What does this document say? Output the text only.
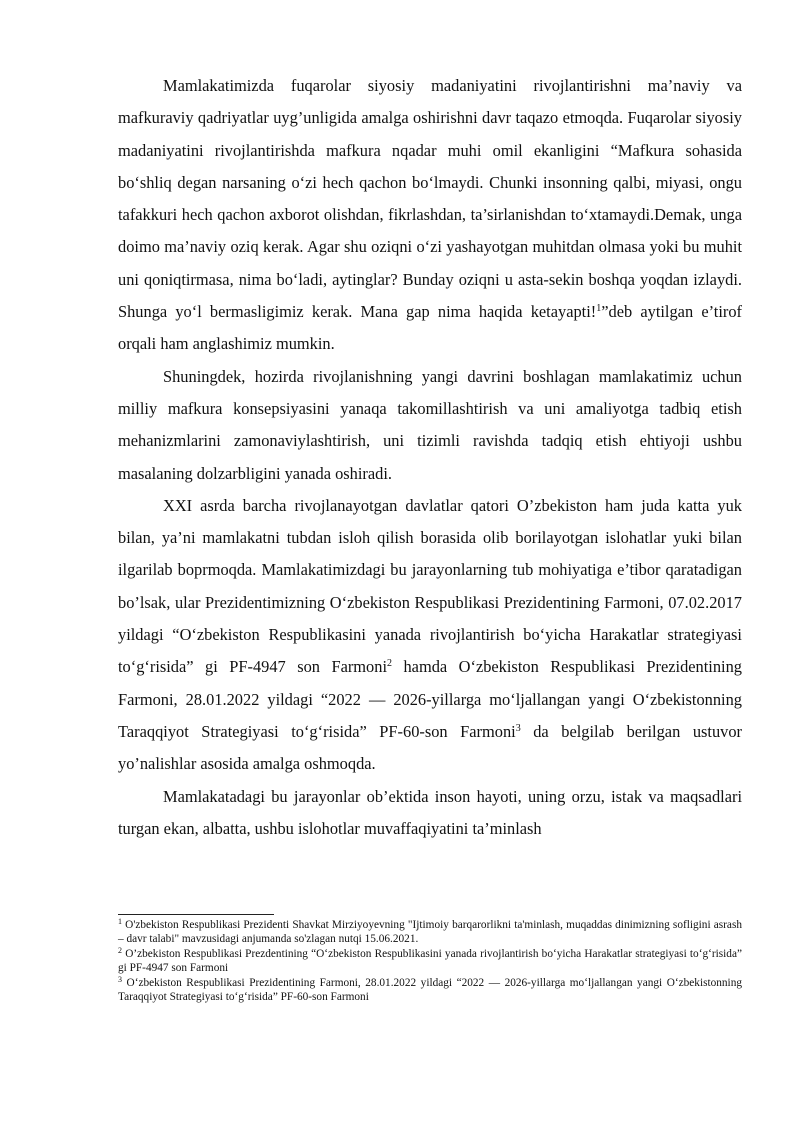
Mamlakatimizda fuqarolar siyosiy madaniyatini rivojlantirishni ma’naviy va mafkuraviy qadriyatlar uyg’unligida amalga oshirishni davr taqazo etmoqda. Fuqarolar siyosiy madaniyatini rivojlantirishda mafkura nqadar muhi omil ekanligini “Mafkura sohasida bo‘shliq degan narsaning o‘zi hech qachon bo‘lmaydi. Chunki insonning qalbi, miyasi, ongu tafakkuri hech qachon axborot olishdan, fikrlashdan, ta’sirlanishdan to‘xtamaydi.Demak, unga doimo ma’naviy oziq kerak. Agar shu oziqni o‘zi yashayotgan muhitdan olmasa yoki bu muhit uni qoniqtirmasa, nima bo‘ladi, aytinglar? Bunday oziqni u asta-sekin boshqa yoqdan izlaydi. Shunga yo‘l bermasligimiz kerak. Mana gap nima haqida ketayapti!$^1$”deb aytilgan e’tirof orqali ham anglashimiz mumkin.

Shuningdek, hozirda rivojlanishning yangi davrini boshlagan mamlakatimiz uchun milliy mafkura konsepsiyasini yanaqa takomillashtirish va uni amaliyotga tadbiq etish mehanizmlarini zamonaviylashtirish, uni tizimli ravishda tadqiq etish ehtiyoji ushbu masalaning dolzarbligini yanada oshiradi.

XXI asrda barcha rivojlanayotgan davlatlar qatori O’zbekiston ham juda katta yuk bilan, ya’ni mamlakatni tubdan isloh qilish borasida olib borilayotgan islohatlar yuki bilan ilgarilab boprmoqda. Mamlakatimizdagi bu jarayonlarning tub mohiyatiga e’tibor qaratadigan bo’lsak, ular Prezidentimizning O‘zbekiston Respublikasi Prezidentining Farmoni, 07.02.2017 yildagi “O‘zbekiston Respublikasini yanada rivojlantirish bo‘yicha Harakatlar strategiyasi to‘g‘risida” gi PF-4947 son Farmoni$^2$ hamda O‘zbekiston Respublikasi Prezidentining Farmoni, 28.01.2022 yildagi “2022 — 2026-yillarga mo‘ljallangan yangi O‘zbekistonning Taraqqiyot Strategiyasi to‘g‘risida” PF-60-son Farmoni$^3$ da belgilab berilgan ustuvor yo’nalishlar asosida amalga oshmoqda.

Mamlakatadagi bu jarayonlar ob’ektida inson hayoti, uning orzu, istak va maqsadlari turgan ekan, albatta, ushbu islohotlar muvaffaqiyatini ta’minlash

$^1$ O'zbekiston Respublikasi Prezidenti Shavkat Mirziyoyevning "Ijtimoiy barqarorlikni ta'minlash, muqaddas dinimizning sofligini asrash – davr talabi" mavzusidagi anjumanda so'zlagan nutqi 15.06.2021.

$^2$ O’zbekiston Respublikasi Prezdentining “O‘zbekiston Respublikasini yanada rivojlantirish bo‘yicha Harakatlar strategiyasi to‘g‘risida” gi PF-4947 son Farmoni

$^3$ O‘zbekiston Respublikasi Prezidentining Farmoni, 28.01.2022 yildagi “2022 — 2026-yillarga mo‘ljallangan yangi O‘zbekistonning Taraqqiyot Strategiyasi to‘g‘risida” PF-60-son Farmoni
